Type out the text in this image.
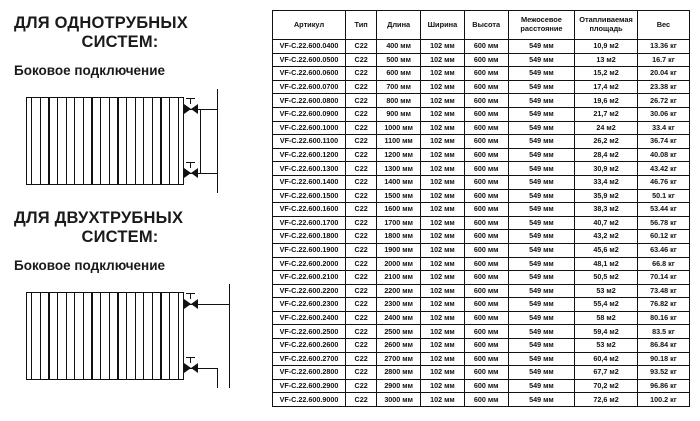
ДЛЯ ОДНОТРУБНЫХ
СИСТЕМ:
Боковое подключение
ДЛЯ ДВУХТРУБНЫХ
СИСТЕМ:
Боковое подключение
Артикул	Тип	Длина	Ширина	Высота	Межосевое расстояние	Отапливаемая площадь	Вес
VF-C.22.600.0400	С22	400 мм	102 мм	600 мм	549 мм	10,9 м2	13.36 кг
VF-C.22.600.0500	С22	500 мм	102 мм	600 мм	549 мм	13 м2	16.7 кг
VF-C.22.600.0600	С22	600 мм	102 мм	600 мм	549 мм	15,2 м2	20.04 кг
VF-C.22.600.0700	С22	700 мм	102 мм	600 мм	549 мм	17,4 м2	23.38 кг
VF-C.22.600.0800	С22	800 мм	102 мм	600 мм	549 мм	19,6 м2	26.72 кг
VF-C.22.600.0900	С22	900 мм	102 мм	600 мм	549 мм	21,7 м2	30.06 кг
VF-C.22.600.1000	С22	1000 мм	102 мм	600 мм	549 мм	24 м2	33.4 кг
VF-C.22.600.1100	С22	1100 мм	102 мм	600 мм	549 мм	26,2 м2	36.74 кг
VF-C.22.600.1200	С22	1200 мм	102 мм	600 мм	549 мм	28,4 м2	40.08 кг
VF-C.22.600.1300	С22	1300 мм	102 мм	600 мм	549 мм	30,9 м2	43.42 кг
VF-C.22.600.1400	С22	1400 мм	102 мм	600 мм	549 мм	33,4 м2	46.76 кг
VF-C.22.600.1500	С22	1500 мм	102 мм	600 мм	549 мм	35,9 м2	50.1 кг
VF-C.22.600.1600	С22	1600 мм	102 мм	600 мм	549 мм	38,3 м2	53.44 кг
VF-C.22.600.1700	С22	1700 мм	102 мм	600 мм	549 мм	40,7 м2	56.78 кг
VF-C.22.600.1800	С22	1800 мм	102 мм	600 мм	549 мм	43,2 м2	60.12 кг
VF-C.22.600.1900	С22	1900 мм	102 мм	600 мм	549 мм	45,6 м2	63.46 кг
VF-C.22.600.2000	С22	2000 мм	102 мм	600 мм	549 мм	48,1 м2	66.8 кг
VF-C.22.600.2100	С22	2100 мм	102 мм	600 мм	549 мм	50,5 м2	70.14 кг
VF-C.22.600.2200	С22	2200 мм	102 мм	600 мм	549 мм	53 м2	73.48 кг
VF-C.22.600.2300	С22	2300 мм	102 мм	600 мм	549 мм	55,4 м2	76.82 кг
VF-C.22.600.2400	С22	2400 мм	102 мм	600 мм	549 мм	58 м2	80.16 кг
VF-C.22.600.2500	С22	2500 мм	102 мм	600 мм	549 мм	59,4 м2	83.5 кг
VF-C.22.600.2600	С22	2600 мм	102 мм	600 мм	549 мм	53 м2	86.84 кг
VF-C.22.600.2700	С22	2700 мм	102 мм	600 мм	549 мм	60,4 м2	90.18 кг
VF-C.22.600.2800	С22	2800 мм	102 мм	600 мм	549 мм	67,7 м2	93.52 кг
VF-C.22.600.2900	С22	2900 мм	102 мм	600 мм	549 мм	70,2 м2	96.86 кг
VF-C.22.600.9000	С22	3000 мм	102 мм	600 мм	549 мм	72,6 м2	100.2 кг
